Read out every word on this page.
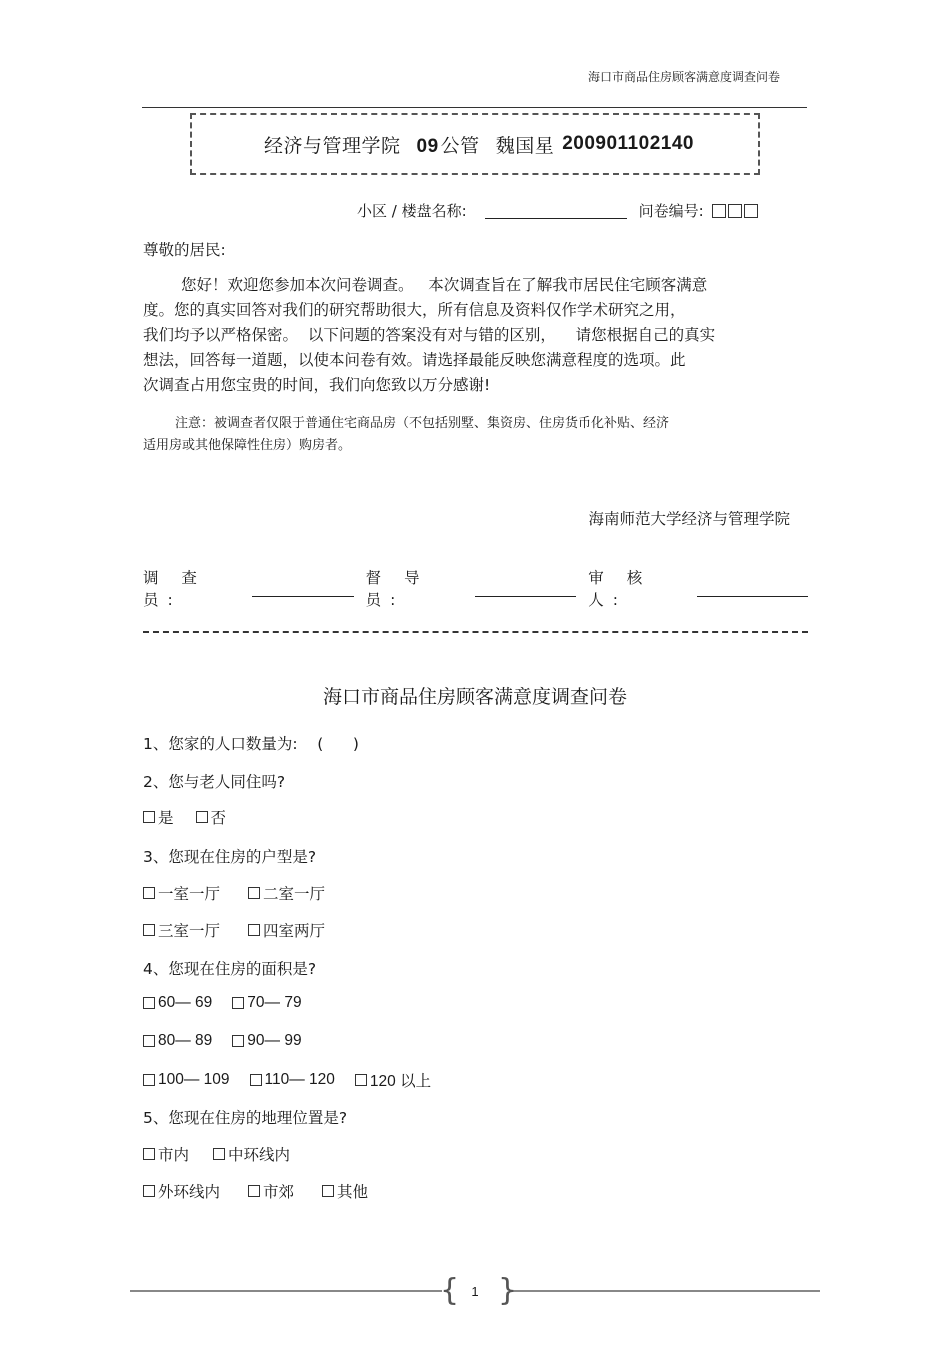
海口市商品住房顾客满意度调查问卷
经济与管理学院 09 公管 魏国星 200901102140
小区 / 楼盘名称:	问卷编号:
尊敬的居民:

您好！欢迎您参加本次问卷调查。   本次调查旨在了解我市居民住宅顾客满意

度。您的真实回答对我们的研究帮助很大，所有信息及资料仅作学术研究之用，

我们均予以严格保密。  以下问题的答案没有对与错的区别，    请您根据自己的真实

想法，回答每一道题，以使本问卷有效。请选择最能反映您满意程度的选项。此

次调查占用您宝贵的时间，我们向您致以万分感谢!

注意：被调查者仅限于普通住宅商品房（不包括别墅、集资房、住房货币化补贴、经济
适用房或其他保障性住房）购房者。
海南师范大学经济与管理学院
调 查 员:
督 导 员:
审 核 人:
海口市商品住房顾客满意度调查问卷
1、您家的人口数量为:    (      )
2、您与老人同住吗?
是 否
3、您现在住房的户型是?
一室一厅	二室一厅
三室一厅	四室两厅
4、您现在住房的面积是?
60— 69 70— 79
80— 89 90— 99
100— 109 110— 120 120 以上
5、您现在住房的地理位置是?
市内	中环线内
外环线内	市郊	其他
{ }
1
